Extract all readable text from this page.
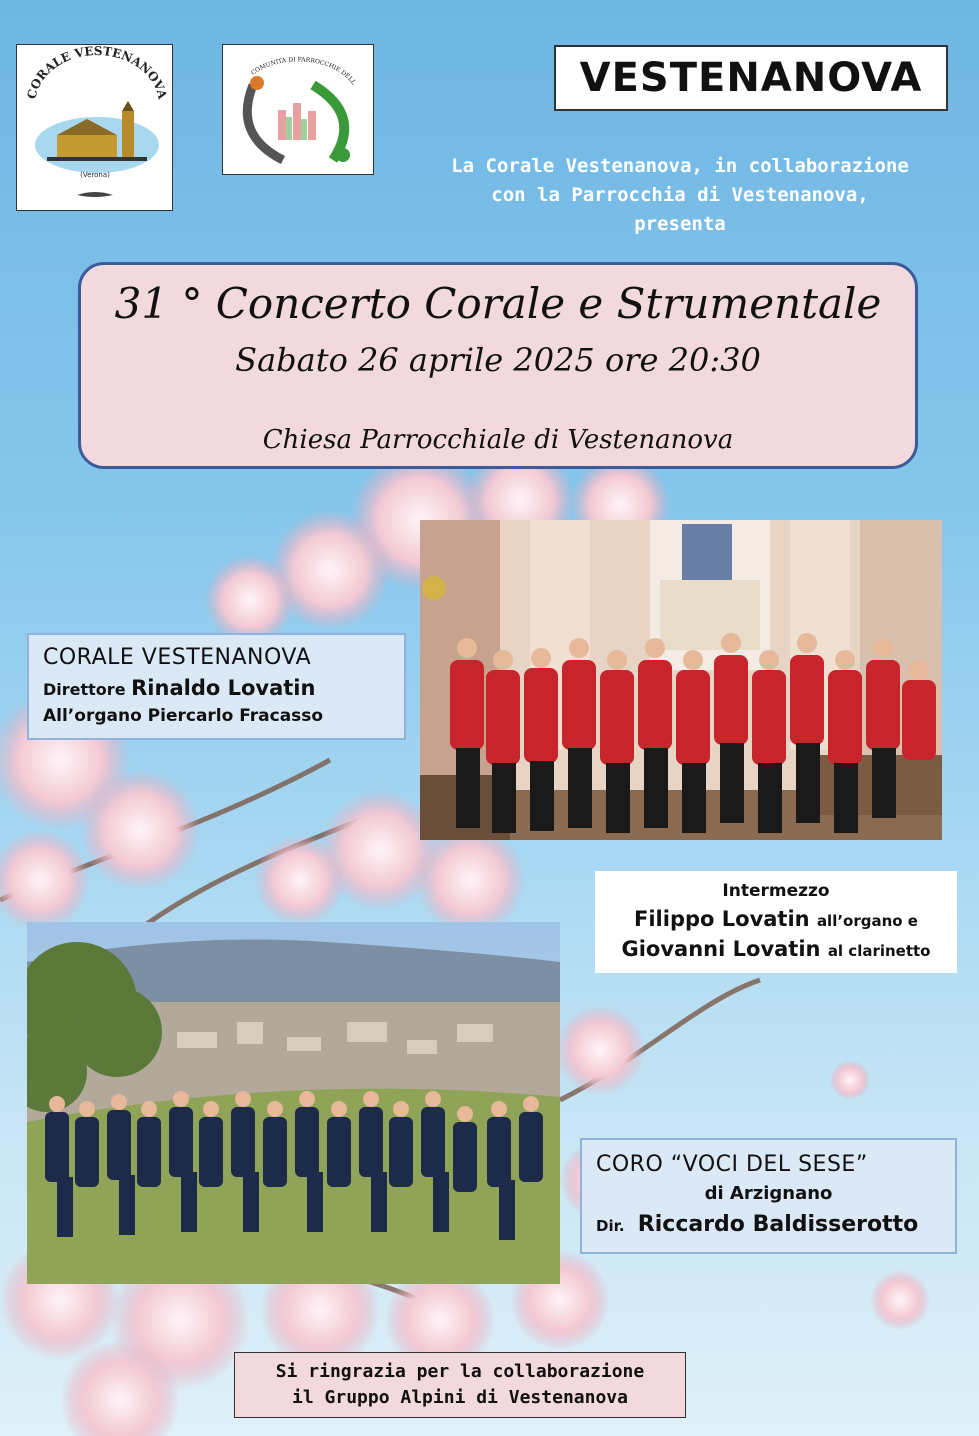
CORALE VESTENANOVA
(Verona)
COMUNITÀ DI PARROCCHIE DELL	VESTENANOVA
La Corale Vestenanova, in collaborazione
con la Parrocchia di Vestenanova,
presenta
31 ° Concerto Corale e Strumentale
Sabato 26 aprile 2025 ore 20:30
Chiesa Parrocchiale di Vestenanova
CORALE VESTENANOVA
Direttore Rinaldo Lovatin
All’organo Piercarlo Fracasso
Intermezzo
Filippo Lovatin all’organo e
Giovanni Lovatin al clarinetto
CORO “VOCI DEL SESE”
di Arzignano
Dir. Riccardo Baldisserotto
Si ringrazia per la collaborazione
il Gruppo Alpini di Vestenanova
